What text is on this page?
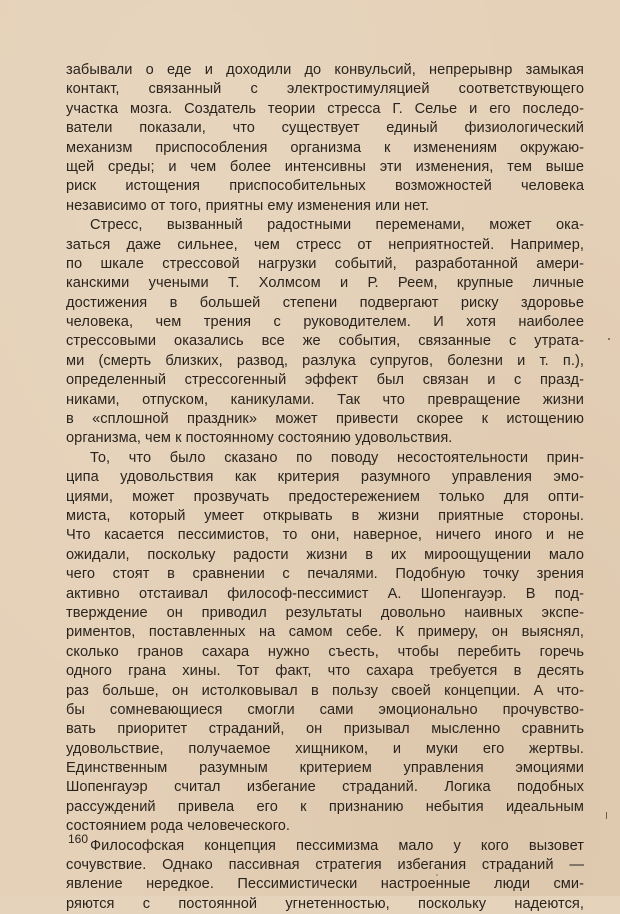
забывали о еде и доходили до конвульсий, непрерывнр замыкая
контакт, связанный с электростимуляцией соответствующего
участка мозга. Создатель теории стресса Г. Селье и его последо-
ватели показали, что существует единый физиологический
механизм приспособления организма к изменениям окружаю-
щей среды; и чем более интенсивны эти изменения, тем выше
риск истощения приспособительных возможностей человека
независимо от того, приятны ему изменения или нет.
Стресс, вызванный радостными переменами, может ока-
заться даже сильнее, чем стресс от неприятностей. Например,
по шкале стрессовой нагрузки событий, разработанной амери-
канскими учеными Т. Холмсом и Р. Реем, крупные личные
достижения в большей степени подвергают риску здоровье
человека, чем трения с руководителем. И хотя наиболее
стрессовыми оказались все же события, связанные с утрата-
ми (смерть близких, развод, разлука супругов, болезни и т. п.),
определенный стрессогенный эффект был связан и с празд-
никами, отпуском, каникулами. Так что превращение жизни
в «сплошной праздник» может привести скорее к истощению
организма, чем к постоянному состоянию удовольствия.
То, что было сказано по поводу несостоятельности прин-
ципа удовольствия как критерия разумного управления эмо-
циями, может прозвучать предостережением только для опти-
миста, который умеет открывать в жизни приятные стороны.
Что касается пессимистов, то они, наверное, ничего иного и не
ожидали, поскольку радости жизни в их мироощущении мало
чего стоят в сравнении с печалями. Подобную точку зрения
активно отстаивал философ-пессимист А. Шопенгауэр. В под-
тверждение он приводил результаты довольно наивных экспе-
риментов, поставленных на самом себе. К примеру, он выяснял,
сколько гранов сахара нужно съесть, чтобы перебить горечь
одного грана хины. Тот факт, что сахара требуется в десять
раз больше, он истолковывал в пользу своей концепции. А что-
бы сомневающиеся смогли сами эмоционально прочувство-
вать приоритет страданий, он призывал мысленно сравнить
удовольствие, получаемое хищником, и муки его жертвы.
Единственным разумным критерием управления эмоциями
Шопенгауэр считал избегание страданий. Логика подобных
рассуждений привела его к признанию небытия идеальным
состоянием рода человеческого.
Философская концепция пессимизма мало у кого вызовет
сочувствие. Однако пассивная стратегия избегания страданий —
явление нередкое. Пессимистически настроенные люди сми-
ряются с постоянной угнетенностью, поскольку надеются,
160
